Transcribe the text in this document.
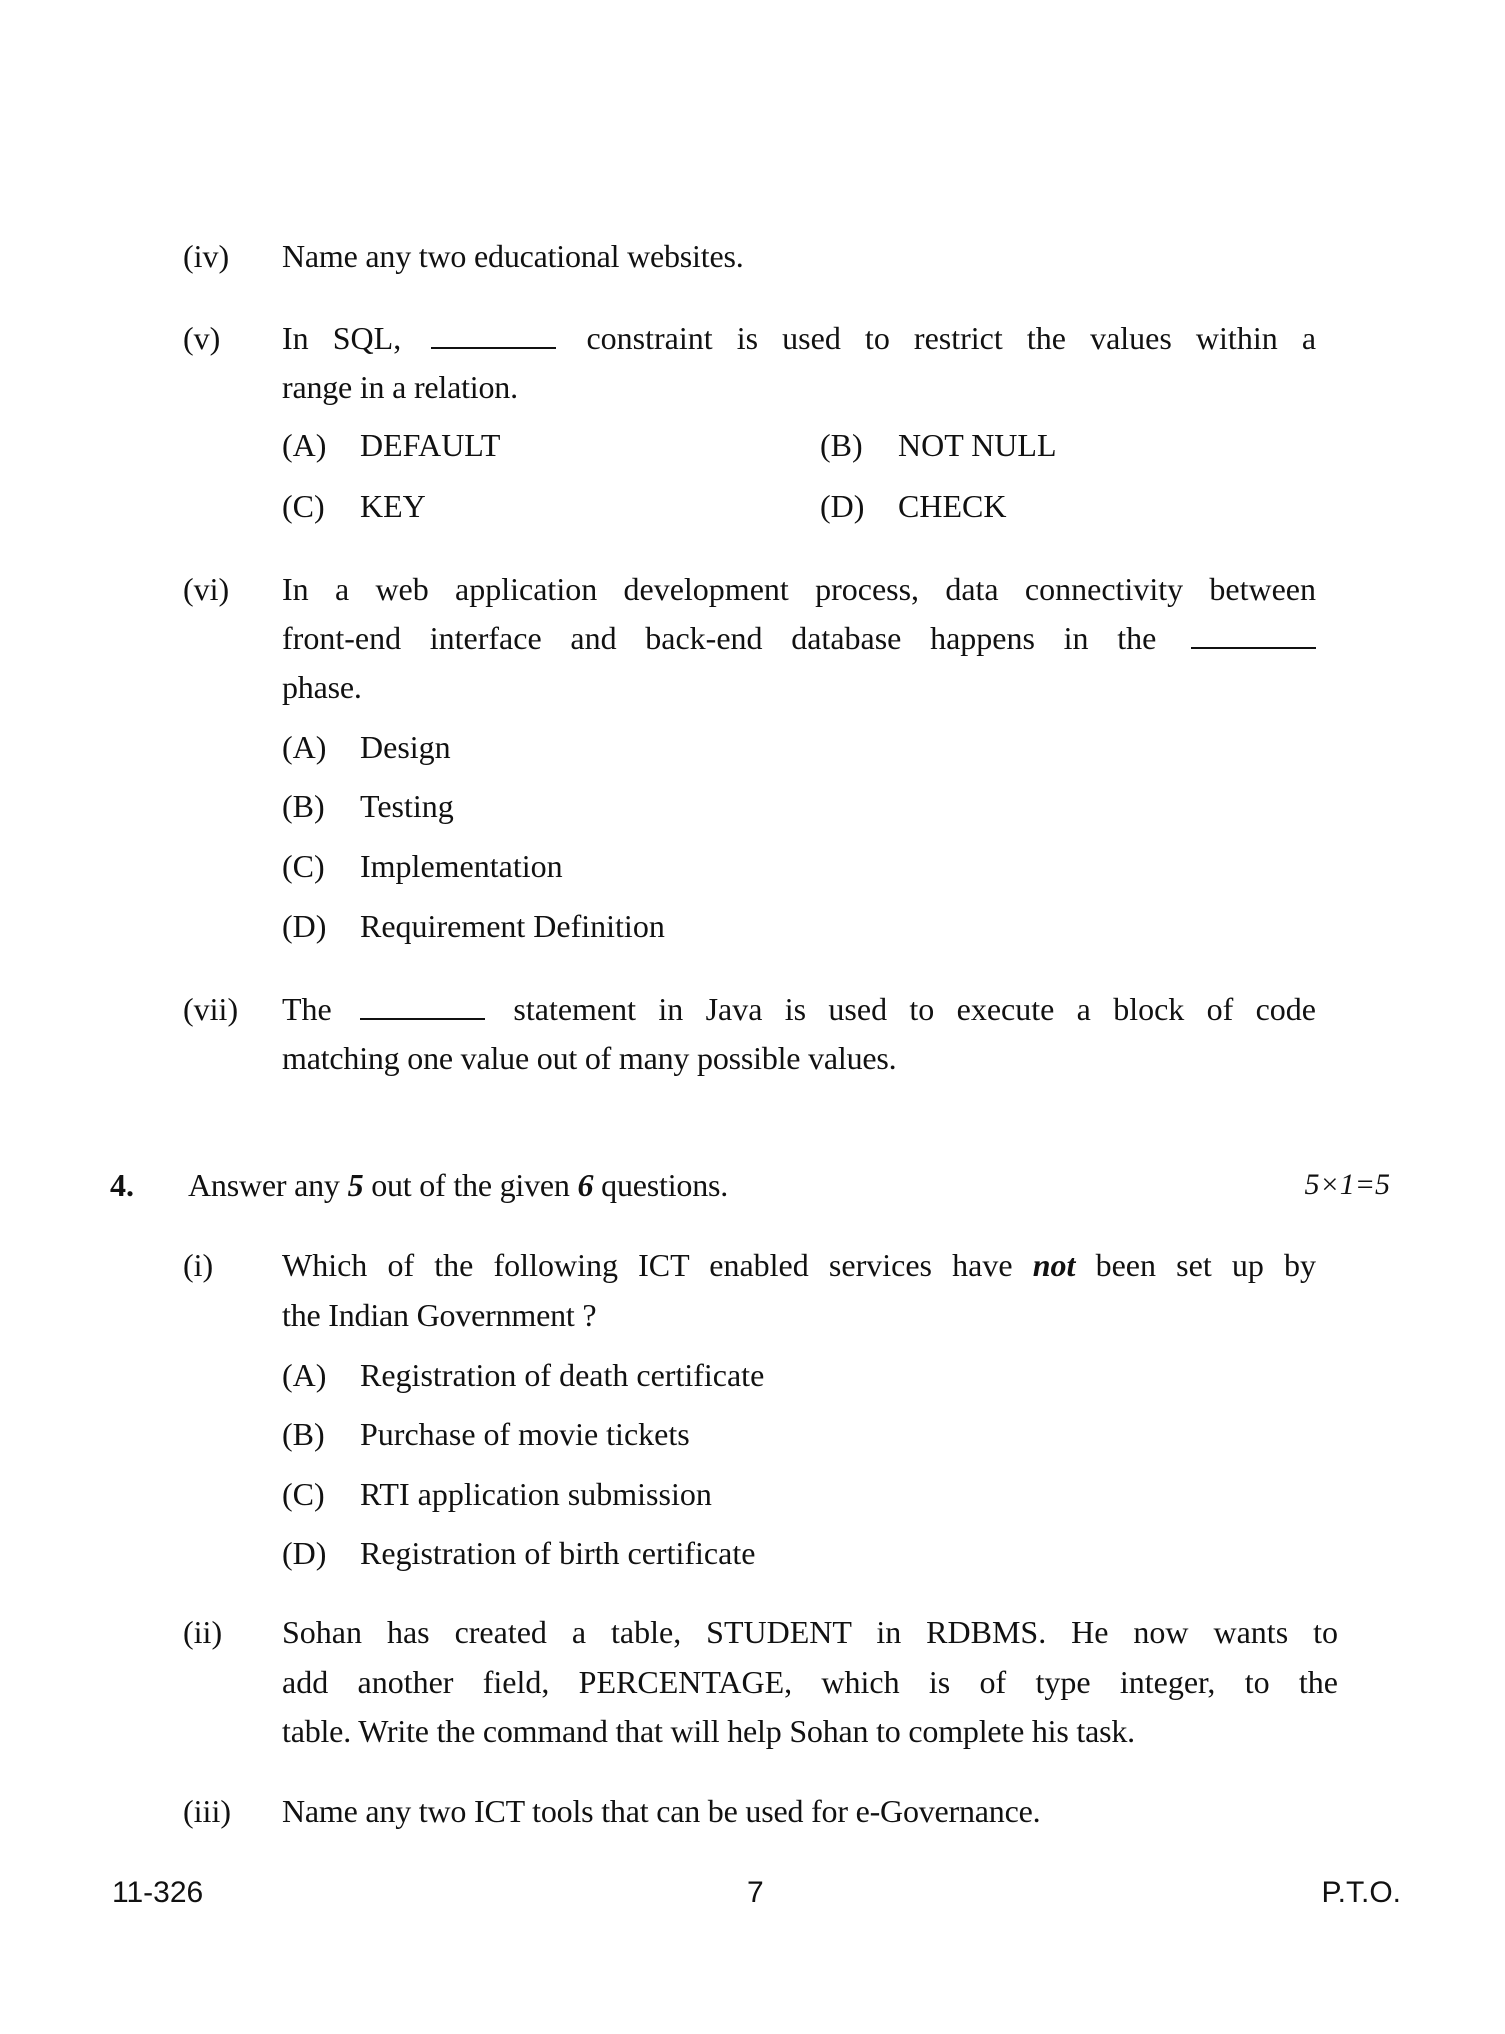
(iv) Name any two educational websites.
(v) In SQL,	constraint is used to restrict the values within a
range in a relation.
(A) DEFAULT	(B) NOT NULL
(C) KEY	(D) CHECK
(vi) In a web application development process, data connectivity between
front-end interface and back-end database happens in the
phase.
(A) Design
(B) Testing
(C) Implementation
(D) Requirement Definition
(vii) The	statement in Java is used to execute a block of code
matching one value out of many possible values.
4. Answer any 5 out of the given 6 questions.	5×1=5
(i) Which of the following ICT enabled services have not been set up by
the Indian Government ?
(A) Registration of death certificate
(B) Purchase of movie tickets
(C) RTI application submission
(D) Registration of birth certificate
(ii) Sohan has created a table, STUDENT in RDBMS. He now wants to
add another field, PERCENTAGE, which is of type integer, to the
table. Write the command that will help Sohan to complete his task.
(iii) Name any two ICT tools that can be used for e-Governance.
11-326	7	P.T.O.
